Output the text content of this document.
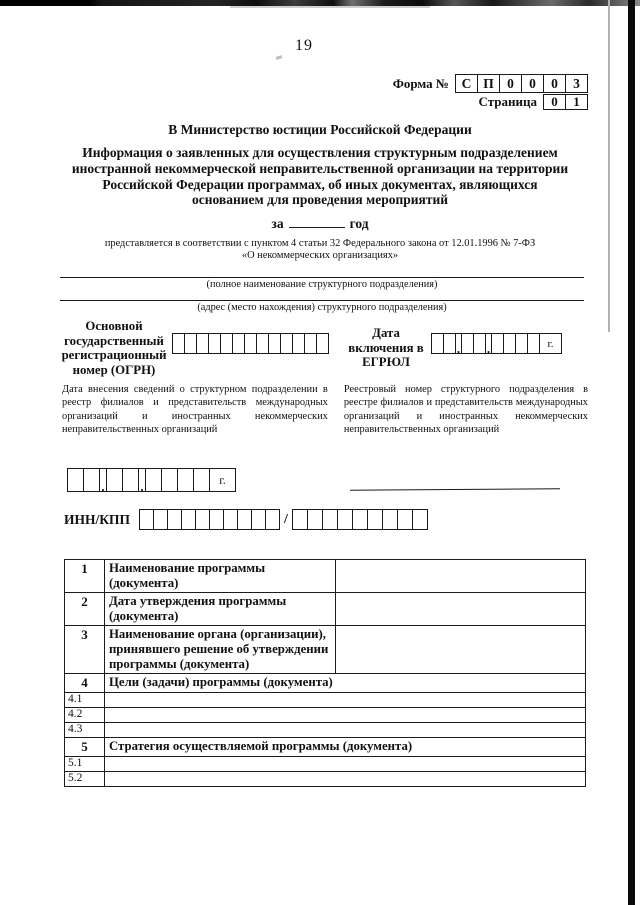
19
Форма № С П 0	0	0	3
Страница	0	1
В Министерство юстиции Российской Федерации
Информация о заявленных для осуществления структурным подразделением иностранной некоммерческой неправительственной организации на территории Российской Федерации программах, об иных документах, являющихся основанием для проведения мероприятий
за	год
представляется в соответствии с пунктом 4 статьи 32 Федерального закона от 12.01.1996 № 7-ФЗ
«О некоммерческих организациях»
(полное наименование структурного подразделения)
(адрес (место нахождения) структурного подразделения)
Основной государственный регистрационный номер (ОГРН)
Дата включения в ЕГРЮЛ
. .	г.
Дата внесения сведений о структурном подразделении в реестр филиалов и представительств международных организаций и иностранных некоммерческих неправительственных организаций
Реестровый номер структурного подразделения в реестре филиалов и представительств международных организаций и иностранных некоммерческих неправительственных организаций
.	.	г.
ИНН/КПП	/
1	Наименование программы (документа)	
2	Дата утверждения программы (документа)	
3	Наименование органа (организации), принявшего решение об утверждении программы (документа)	
4	Цели (задачи) программы (документа)	
4.1		
4.2		
4.3		
5	Стратегия осуществляемой программы (документа)	
5.1		
5.2		
